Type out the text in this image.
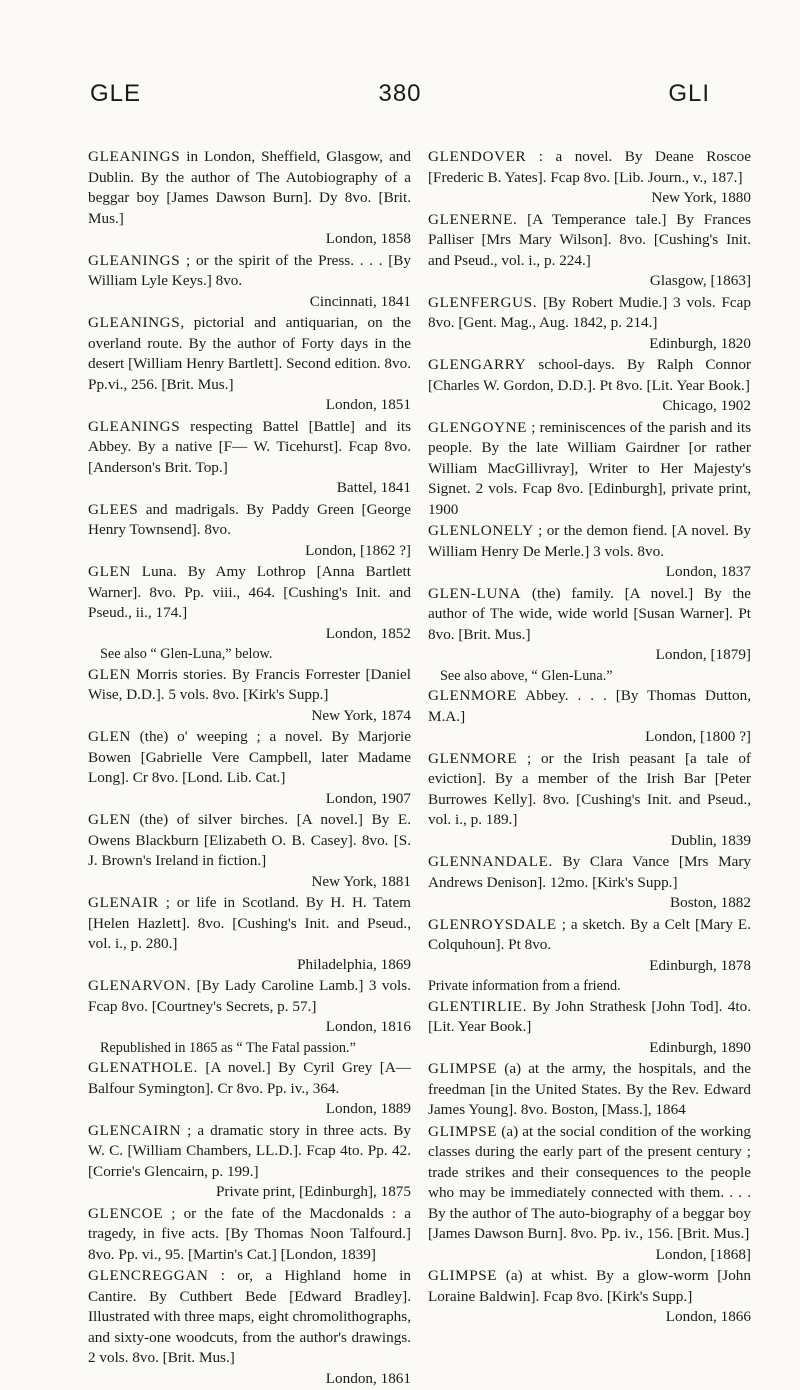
GLE	380	GLI
GLEANINGS in London, Sheffield, Glasgow, and Dublin. By the author of The Autobiography of a beggar boy [James Dawson Burn]. Dy 8vo. [Brit. Mus.]
London, 1858
GLEANINGS ; or the spirit of the Press. . . . [By William Lyle Keys.] 8vo.
Cincinnati, 1841
GLEANINGS, pictorial and antiquarian, on the overland route. By the author of Forty days in the desert [William Henry Bartlett]. Second edition. 8vo. Pp.vi., 256. [Brit. Mus.]
London, 1851
GLEANINGS respecting Battel [Battle] and its Abbey. By a native [F— W. Ticehurst]. Fcap 8vo. [Anderson's Brit. Top.]
Battel, 1841
GLEES and madrigals. By Paddy Green [George Henry Townsend]. 8vo.
London, [1862 ?]
GLEN Luna. By Amy Lothrop [Anna Bartlett Warner]. 8vo. Pp. viii., 464. [Cushing's Init. and Pseud., ii., 174.]
London, 1852
See also “ Glen-Luna,” below.
GLEN Morris stories. By Francis Forrester [Daniel Wise, D.D.]. 5 vols. 8vo. [Kirk's Supp.]
New York, 1874
GLEN (the) o' weeping ; a novel. By Marjorie Bowen [Gabrielle Vere Campbell, later Madame Long]. Cr 8vo. [Lond. Lib. Cat.]
London, 1907
GLEN (the) of silver birches. [A novel.] By E. Owens Blackburn [Elizabeth O. B. Casey]. 8vo. [S. J. Brown's Ireland in fiction.]
New York, 1881
GLENAIR ; or life in Scotland. By H. H. Tatem [Helen Hazlett]. 8vo. [Cushing's Init. and Pseud., vol. i., p. 280.]
Philadelphia, 1869
GLENARVON. [By Lady Caroline Lamb.] 3 vols. Fcap 8vo. [Courtney's Secrets, p. 57.]
London, 1816
Republished in 1865 as “ The Fatal passion.”
GLENATHOLE. [A novel.] By Cyril Grey [A— Balfour Symington]. Cr 8vo. Pp. iv., 364.
London, 1889
GLENCAIRN ; a dramatic story in three acts. By W. C. [William Chambers, LL.D.]. Fcap 4to. Pp. 42. [Corrie's Glencairn, p. 199.]
Private print, [Edinburgh], 1875
GLENCOE ; or the fate of the Macdonalds : a tragedy, in five acts. [By Thomas Noon Talfourd.] 8vo. Pp. vi., 95. [Martin's Cat.] [London, 1839]
GLENCREGGAN : or, a Highland home in Cantire. By Cuthbert Bede [Edward Bradley]. Illustrated with three maps, eight chromolithographs, and sixty-one woodcuts, from the author's drawings. 2 vols. 8vo. [Brit. Mus.]
London, 1861
GLENDOVER : a novel. By Deane Roscoe [Frederic B. Yates]. Fcap 8vo. [Lib. Journ., v., 187.]
New York, 1880
GLENERNE. [A Temperance tale.] By Frances Palliser [Mrs Mary Wilson]. 8vo. [Cushing's Init. and Pseud., vol. i., p. 224.]
Glasgow, [1863]
GLENFERGUS. [By Robert Mudie.] 3 vols. Fcap 8vo. [Gent. Mag., Aug. 1842, p. 214.]
Edinburgh, 1820
GLENGARRY school-days. By Ralph Connor [Charles W. Gordon, D.D.]. Pt 8vo. [Lit. Year Book.]
Chicago, 1902
GLENGOYNE ; reminiscences of the parish and its people. By the late William Gairdner [or rather William MacGillivray], Writer to Her Majesty's Signet. 2 vols. Fcap 8vo. [Edinburgh], private print, 1900
GLENLONELY ; or the demon fiend. [A novel. By William Henry De Merle.] 3 vols. 8vo.
London, 1837
GLEN-LUNA (the) family. [A novel.] By the author of The wide, wide world [Susan Warner]. Pt 8vo. [Brit. Mus.]
London, [1879]
See also above, “ Glen-Luna.”
GLENMORE Abbey. . . . [By Thomas Dutton, M.A.]
London, [1800 ?]
GLENMORE ; or the Irish peasant [a tale of eviction]. By a member of the Irish Bar [Peter Burrowes Kelly]. 8vo. [Cushing's Init. and Pseud., vol. i., p. 189.]
Dublin, 1839
GLENNANDALE. By Clara Vance [Mrs Mary Andrews Denison]. 12mo. [Kirk's Supp.]
Boston, 1882
GLENROYSDALE ; a sketch. By a Celt [Mary E. Colquhoun]. Pt 8vo.
Edinburgh, 1878
Private information from a friend.
GLENTIRLIE. By John Strathesk [John Tod]. 4to. [Lit. Year Book.]
Edinburgh, 1890
GLIMPSE (a) at the army, the hospitals, and the freedman [in the United States. By the Rev. Edward James Young]. 8vo. Boston, [Mass.], 1864
GLIMPSE (a) at the social condition of the working classes during the early part of the present century ; trade strikes and their consequences to the people who may be immediately connected with them. . . . By the author of The auto-biography of a beggar boy [James Dawson Burn]. 8vo. Pp. iv., 156. [Brit. Mus.]
London, [1868]
GLIMPSE (a) at whist. By a glow-worm [John Loraine Baldwin]. Fcap 8vo. [Kirk's Supp.]
London, 1866
